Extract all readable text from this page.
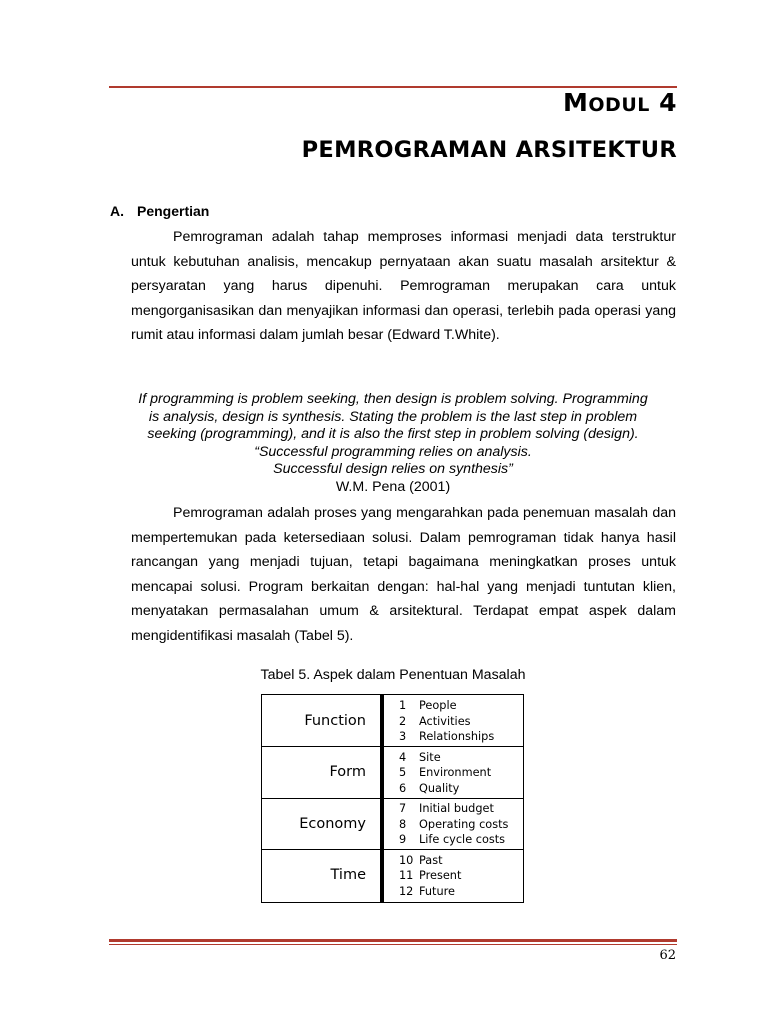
MODUL 4
PEMROGRAMAN ARSITEKTUR
A. Pengertian

Pemrograman adalah tahap memproses informasi menjadi data terstruktur untuk kebutuhan analisis, mencakup pernyataan akan suatu masalah arsitektur & persyaratan yang harus dipenuhi. Pemrograman merupakan cara untuk mengorganisasikan dan menyajikan informasi dan operasi, terlebih pada operasi yang rumit atau informasi dalam jumlah besar (Edward T.White).

If programming is problem seeking, then design is problem solving. Programming
is analysis, design is synthesis. Stating the problem is the last step in problem
seeking (programming), and it is also the first step in problem solving (design).
“Successful programming relies on analysis.
Successful design relies on synthesis”
W.M. Pena (2001)

Pemrograman adalah proses yang mengarahkan pada penemuan masalah dan mempertemukan pada ketersediaan solusi. Dalam pemrograman tidak hanya hasil rancangan yang menjadi tujuan, tetapi bagaimana meningkatkan proses untuk mencapai solusi. Program berkaitan dengan: hal-hal yang menjadi tuntutan klien, menyatakan permasalahan umum & arsitektural. Terdapat empat aspek dalam mengidentifikasi masalah (Tabel 5).

Tabel 5. Aspek dalam Penentuan Masalah
Function
1 People
2 Activities
3 Relationships
Form
4 Site
5 Environment
6 Quality
Economy
7 Initial budget
8 Operating costs
9 Life cycle costs
Time
10 Past
11 Present
12 Future
62
